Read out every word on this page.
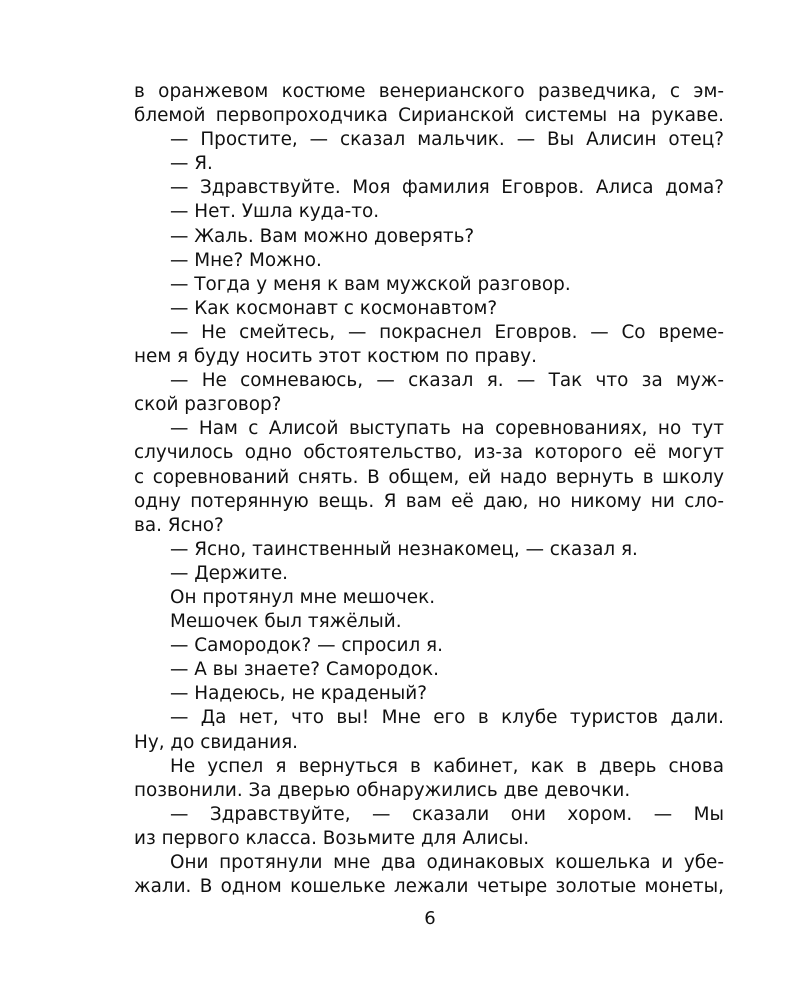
в оранжевом костюме венерианского разведчика, с эм-
блемой первопроходчика Сирианской системы на рукаве.
— Простите, — сказал мальчик. — Вы Алисин отец?
— Я.
— Здравствуйте. Моя фамилия Еговров. Алиса дома?
— Нет. Ушла куда-то.
— Жаль. Вам можно доверять?
— Мне? Можно.
— Тогда у меня к вам мужской разговор.
— Как космонавт с космонавтом?
— Не смейтесь, — покраснел Еговров. — Со време-
нем я буду носить этот костюм по праву.
— Не сомневаюсь, — сказал я. — Так что за муж-
ской разговор?
— Нам с Алисой выступать на соревнованиях, но тут
случилось одно обстоятельство, из-за которого её могут
с соревнований снять. В общем, ей надо вернуть в школу
одну потерянную вещь. Я вам её даю, но никому ни сло-
ва. Ясно?
— Ясно, таинственный незнакомец, — сказал я.
— Держите.
Он протянул мне мешочек.
Мешочек был тяжёлый.
— Самородок? — спросил я.
— А вы знаете? Самородок.
— Надеюсь, не краденый?
— Да нет, что вы! Мне его в клубе туристов дали.
Ну, до свидания.
Не успел я вернуться в кабинет, как в дверь снова
позвонили. За дверью обнаружились две девочки.
— Здравствуйте, — сказали они хором. — Мы
из первого класса. Возьмите для Алисы.
Они протянули мне два одинаковых кошелька и убе-
жали. В одном кошельке лежали четыре золотые монеты,
6
